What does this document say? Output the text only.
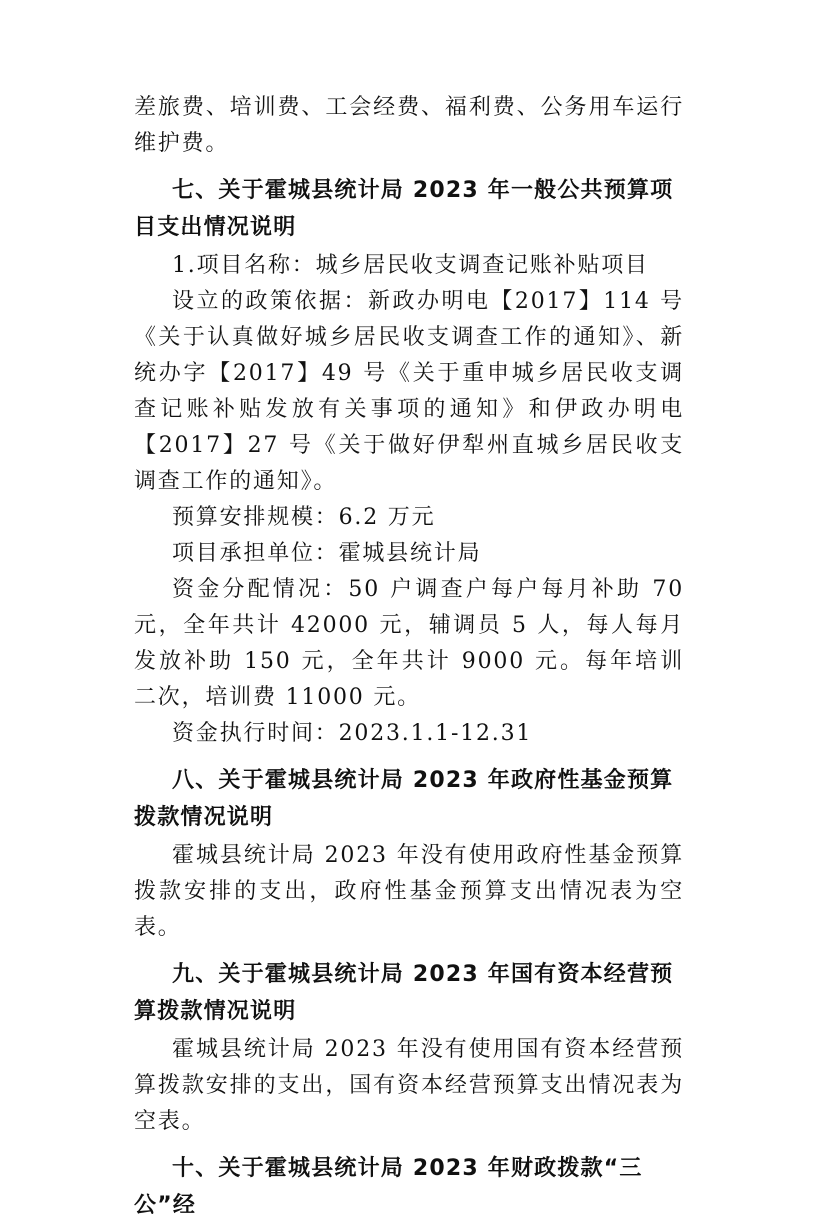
差旅费、培训费、工会经费、福利费、公务用车运行维护费。

七、关于霍城县统计局 2023 年一般公共预算项目支出情况说明

1.项目名称：城乡居民收支调查记账补贴项目

设立的政策依据：新政办明电【2017】114 号《关于认真做好城乡居民收支调查工作的通知》、新统办字【2017】49 号《关于重申城乡居民收支调查记账补贴发放有关事项的通知》和伊政办明电【2017】27 号《关于做好伊犁州直城乡居民收支调查工作的通知》。

预算安排规模：6.2 万元

项目承担单位：霍城县统计局

资金分配情况：50 户调查户每户每月补助 70 元，全年共计 42000 元，辅调员 5 人，每人每月发放补助 150 元，全年共计 9000 元。每年培训二次，培训费 11000 元。

资金执行时间：2023.1.1-12.31

八、关于霍城县统计局 2023 年政府性基金预算拨款情况说明

霍城县统计局 2023 年没有使用政府性基金预算拨款安排的支出，政府性基金预算支出情况表为空表。

九、关于霍城县统计局 2023 年国有资本经营预算拨款情况说明

霍城县统计局 2023 年没有使用国有资本经营预算拨款安排的支出，国有资本经营预算支出情况表为空表。

十、关于霍城县统计局 2023 年财政拨款“三公”经
